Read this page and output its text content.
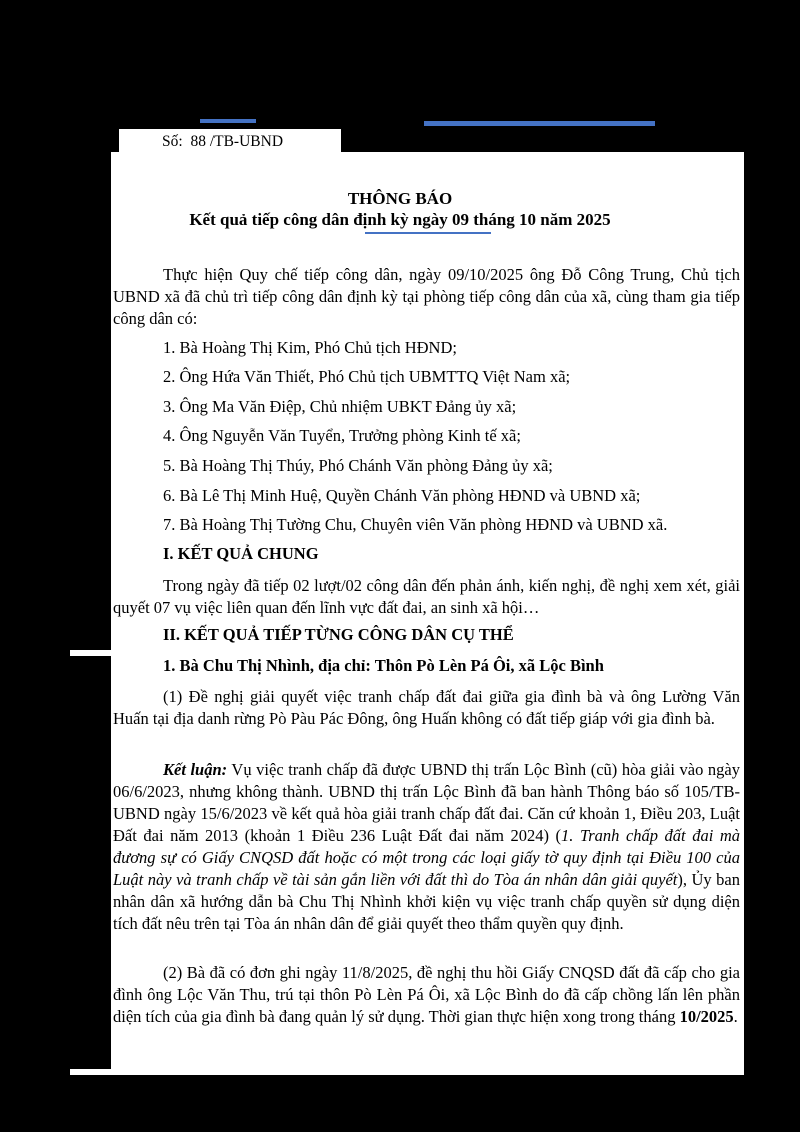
Số: 88 /TB-UBND
THÔNG BÁO
Kết quả tiếp công dân định kỳ ngày 09 tháng 10 năm 2025

Thực hiện Quy chế tiếp công dân, ngày 09/10/2025 ông Đỗ Công Trung, Chủ tịch UBND xã đã chủ trì tiếp công dân định kỳ tại phòng tiếp công dân của xã, cùng tham gia tiếp công dân có:

1. Bà Hoàng Thị Kim, Phó Chủ tịch HĐND;
2. Ông Hứa Văn Thiết, Phó Chủ tịch UBMTTQ Việt Nam xã;
3. Ông Ma Văn Điệp, Chủ nhiệm UBKT Đảng ủy xã;
4. Ông Nguyễn Văn Tuyển, Trưởng phòng Kinh tế xã;
5. Bà Hoàng Thị Thúy, Phó Chánh Văn phòng Đảng ủy xã;
6. Bà Lê Thị Minh Huệ, Quyền Chánh Văn phòng HĐND và UBND xã;
7. Bà Hoàng Thị Tường Chu, Chuyên viên Văn phòng HĐND và UBND xã.
I. KẾT QUẢ CHUNG

Trong ngày đã tiếp 02 lượt/02 công dân đến phản ánh, kiến nghị, đề nghị xem xét, giải quyết 07 vụ việc liên quan đến lĩnh vực đất đai, an sinh xã hội…

II. KẾT QUẢ TIẾP TỪNG CÔNG DÂN CỤ THỂ
1. Bà Chu Thị Nhình, địa chỉ: Thôn Pò Lèn Pá Ôi, xã Lộc Bình

(1) Đề nghị giải quyết việc tranh chấp đất đai giữa gia đình bà và ông Lường Văn Huấn tại địa danh rừng Pò Pàu Pác Đông, ông Huấn không có đất tiếp giáp với gia đình bà.

Kết luận: Vụ việc tranh chấp đã được UBND thị trấn Lộc Bình (cũ) hòa giải vào ngày 06/6/2023, nhưng không thành. UBND thị trấn Lộc Bình đã ban hành Thông báo số 105/TB-UBND ngày 15/6/2023 về kết quả hòa giải tranh chấp đất đai. Căn cứ khoản 1, Điều 203, Luật Đất đai năm 2013 (khoản 1 Điều 236 Luật Đất đai năm 2024) (1. Tranh chấp đất đai mà đương sự có Giấy CNQSD đất hoặc có một trong các loại giấy tờ quy định tại Điều 100 của Luật này và tranh chấp về tài sản gắn liền với đất thì do Tòa án nhân dân giải quyết), Ủy ban nhân dân xã hướng dẫn bà Chu Thị Nhình khởi kiện vụ việc tranh chấp quyền sử dụng diện tích đất nêu trên tại Tòa án nhân dân để giải quyết theo thẩm quyền quy định.

(2) Bà đã có đơn ghi ngày 11/8/2025, đề nghị thu hồi Giấy CNQSD đất đã cấp cho gia đình ông Lộc Văn Thu, trú tại thôn Pò Lèn Pá Ôi, xã Lộc Bình do đã cấp chồng lấn lên phần diện tích của gia đình bà đang quản lý sử dụng. Thời gian thực hiện xong trong tháng 10/2025.
